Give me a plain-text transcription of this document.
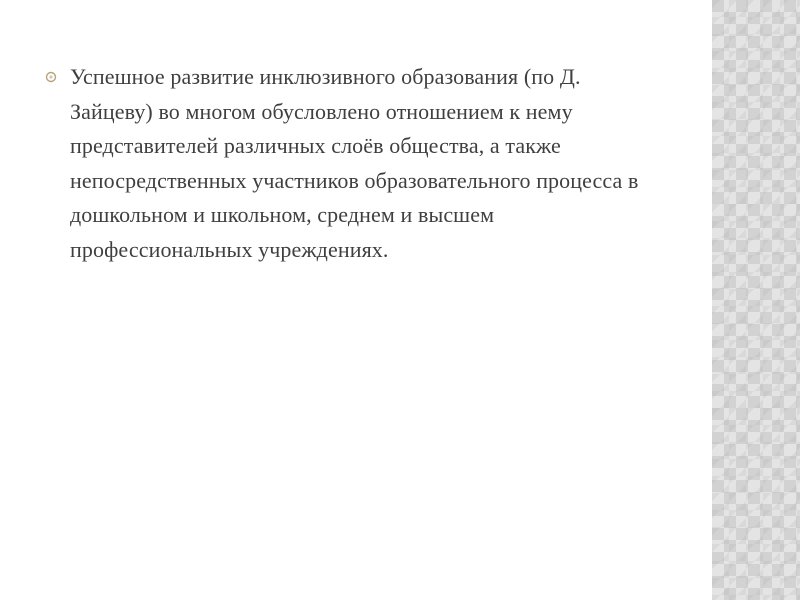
Успешное развитие инклюзивного образования (по Д. Зайцеву) во многом обусловлено отношением к нему представителей различных слоёв общества, а также непосредственных участников образовательного процесса в дошкольном и школьном, среднем и высшем профессиональных учреждениях.
